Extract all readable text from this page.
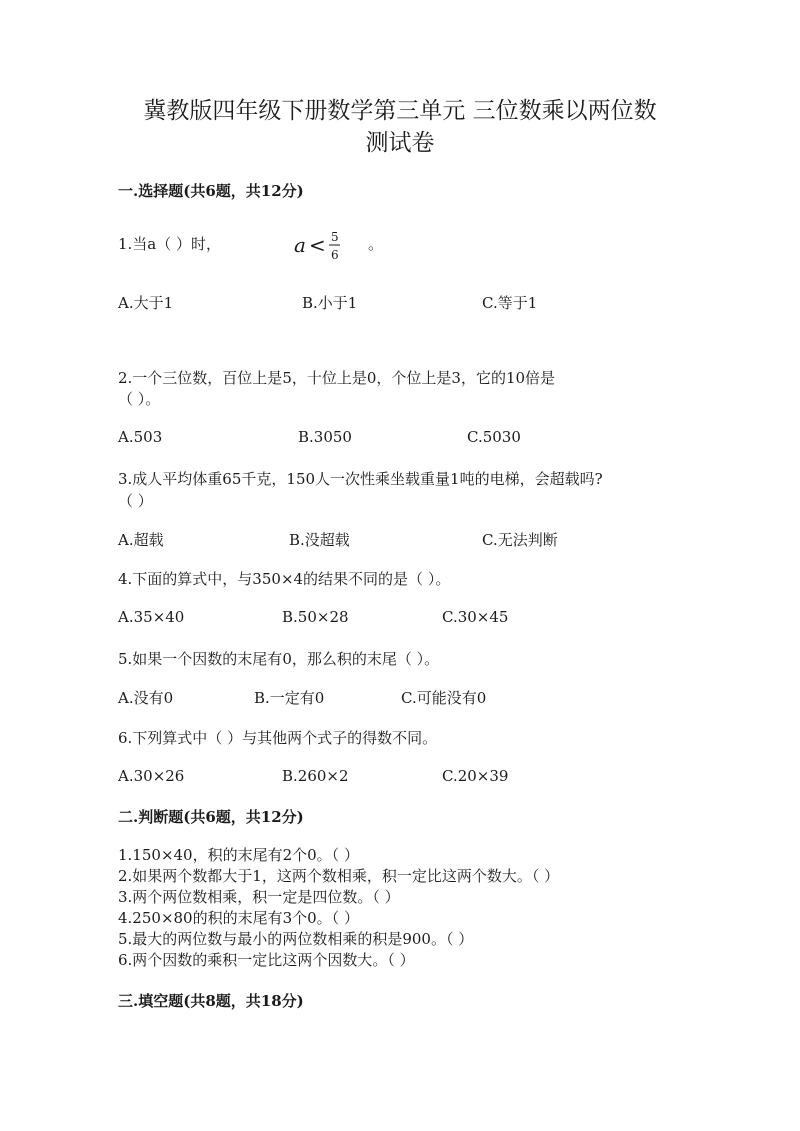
冀教版四年级下册数学第三单元 三位数乘以两位数
测试卷
一.选择题(共6题，共12分)
1.当a（ ）时，	a < 5
6
。
A.大于1	B.小于1	C.等于1
2.一个三位数，百位上是5，十位上是0，个位上是3，它的10倍是
（ ）。
A.503	B.3050	C.5030
3.成人平均体重65千克，150人一次性乘坐载重量1吨的电梯，会超载吗?
（ ）
A.超载	B.没超载	C.无法判断
4.下面的算式中，与350×4的结果不同的是（ ）。
A.35×40	B.50×28	C.30×45
5.如果一个因数的末尾有0，那么积的末尾（ ）。
A.没有0	B.一定有0	C.可能没有0
6.下列算式中（ ）与其他两个式子的得数不同。
A.30×26	B.260×2	C.20×39
二.判断题(共6题，共12分)
1.150×40，积的末尾有2个0。（ ）
2.如果两个数都大于1，这两个数相乘，积一定比这两个数大。（ ）
3.两个两位数相乘，积一定是四位数。（ ）
4.250×80的积的末尾有3个0。（ ）
5.最大的两位数与最小的两位数相乘的积是900。（ ）
6.两个因数的乘积一定比这两个因数大。（ ）
三.填空题(共8题，共18分)
